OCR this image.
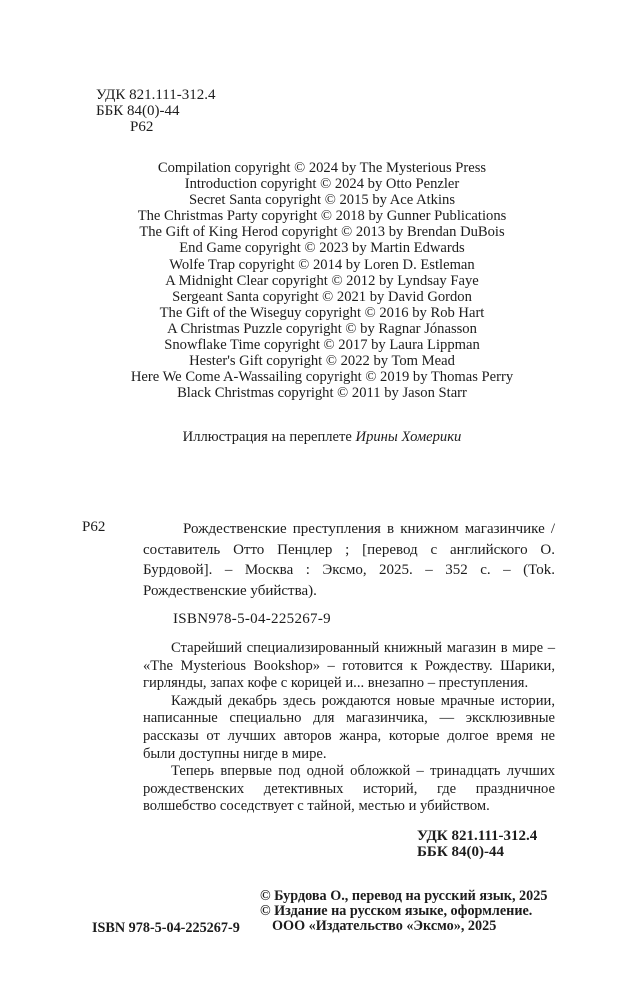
УДК 821.111-312.4
ББК 84(0)-44
Р62
Compilation copyright © 2024 by The Mysterious Press
Introduction copyright © 2024 by Otto Penzler
Secret Santa copyright © 2015 by Ace Atkins
The Christmas Party copyright © 2018 by Gunner Publications
The Gift of King Herod copyright © 2013 by Brendan DuBois
End Game copyright © 2023 by Martin Edwards
Wolfe Trap copyright © 2014 by Loren D. Estleman
A Midnight Clear copyright © 2012 by Lyndsay Faye
Sergeant Santa copyright © 2021 by David Gordon
The Gift of the Wiseguy copyright © 2016 by Rob Hart
A Christmas Puzzle copyright © by Ragnar Jónasson
Snowflake Time copyright © 2017 by Laura Lippman
Hester's Gift copyright © 2022 by Tom Mead
Here We Come A-Wassailing copyright © 2019 by Thomas Perry
Black Christmas copyright © 2011 by Jason Starr
Иллюстрация на переплете Ирины Хомерики
Р62	Рождественские преступления в книжном магазинчике / составитель Отто Пенцлер ; [перевод с английского О. Бурдовой]. – Москва : Эксмо, 2025. – 352 с. – (Tok. Рождественские убийства).
ISBN978-5-04-225267-9

Старейший специализированный книжный магазин в мире – «The Mysterious Bookshop» – готовится к Рождеству. Шарики, гирлянды, запах кофе с корицей и... внезапно – преступления.

Каждый декабрь здесь рождаются новые мрачные истории, написанные специально для магазинчика, — эксклюзивные рассказы от лучших авторов жанра, которые долгое время не были доступны нигде в мире.

Теперь впервые под одной обложкой – тринадцать лучших рождественских детективных историй, где праздничное волшебство соседствует с тайной, местью и убийством.

УДК 821.111-312.4
ББК 84(0)-44
© Бурдова О., перевод на русский язык, 2025
© Издание на русском языке, оформление.
ООО «Издательство «Эксмо», 2025
ISBN 978-5-04-225267-9
